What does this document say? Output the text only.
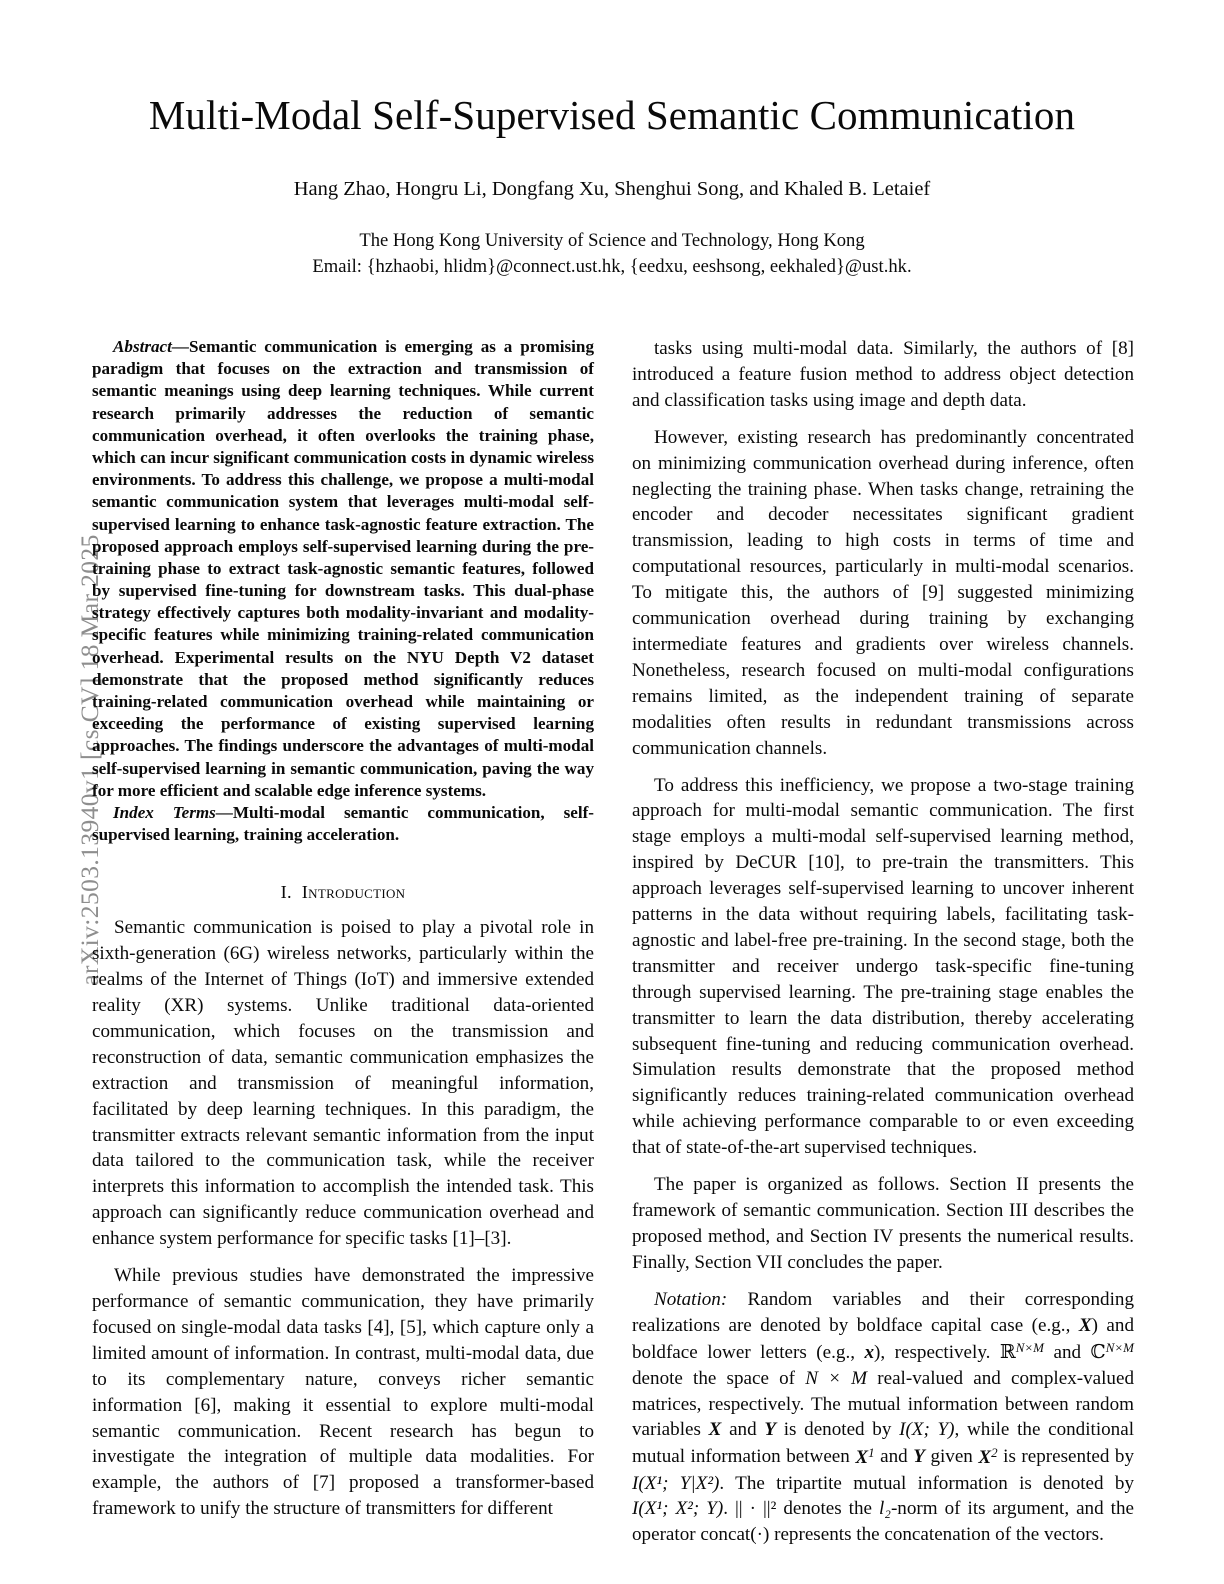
arXiv:2503.13940v1 [cs.CV] 18 Mar 2025
Multi-Modal Self-Supervised Semantic Communication
Hang Zhao, Hongru Li, Dongfang Xu, Shenghui Song, and Khaled B. Letaief
The Hong Kong University of Science and Technology, Hong Kong
Email: {hzhaobi, hlidm}@connect.ust.hk, {eedxu, eeshsong, eekhaled}@ust.hk.

Abstract—Semantic communication is emerging as a promising paradigm that focuses on the extraction and transmission of semantic meanings using deep learning techniques. While current research primarily addresses the reduction of semantic communication overhead, it often overlooks the training phase, which can incur significant communication costs in dynamic wireless environments. To address this challenge, we propose a multi-modal semantic communication system that leverages multi-modal self-supervised learning to enhance task-agnostic feature extraction. The proposed approach employs self-supervised learning during the pre-training phase to extract task-agnostic semantic features, followed by supervised fine-tuning for downstream tasks. This dual-phase strategy effectively captures both modality-invariant and modality-specific features while minimizing training-related communication overhead. Experimental results on the NYU Depth V2 dataset demonstrate that the proposed method significantly reduces training-related communication overhead while maintaining or exceeding the performance of existing supervised learning approaches. The findings underscore the advantages of multi-modal self-supervised learning in semantic communication, paving the way for more efficient and scalable edge inference systems.

Index Terms—Multi-modal semantic communication, self-supervised learning, training acceleration.

I. Introduction

Semantic communication is poised to play a pivotal role in sixth-generation (6G) wireless networks, particularly within the realms of the Internet of Things (IoT) and immersive extended reality (XR) systems. Unlike traditional data-oriented communication, which focuses on the transmission and reconstruction of data, semantic communication emphasizes the extraction and transmission of meaningful information, facilitated by deep learning techniques. In this paradigm, the transmitter extracts relevant semantic information from the input data tailored to the communication task, while the receiver interprets this information to accomplish the intended task. This approach can significantly reduce communication overhead and enhance system performance for specific tasks [1]–[3].

While previous studies have demonstrated the impressive performance of semantic communication, they have primarily focused on single-modal data tasks [4], [5], which capture only a limited amount of information. In contrast, multi-modal data, due to its complementary nature, conveys richer semantic information [6], making it essential to explore multi-modal semantic communication. Recent research has begun to investigate the integration of multiple data modalities. For example, the authors of [7] proposed a transformer-based framework to unify the structure of transmitters for different

tasks using multi-modal data. Similarly, the authors of [8] introduced a feature fusion method to address object detection and classification tasks using image and depth data.

However, existing research has predominantly concentrated on minimizing communication overhead during inference, often neglecting the training phase. When tasks change, retraining the encoder and decoder necessitates significant gradient transmission, leading to high costs in terms of time and computational resources, particularly in multi-modal scenarios. To mitigate this, the authors of [9] suggested minimizing communication overhead during training by exchanging intermediate features and gradients over wireless channels. Nonetheless, research focused on multi-modal configurations remains limited, as the independent training of separate modalities often results in redundant transmissions across communication channels.

To address this inefficiency, we propose a two-stage training approach for multi-modal semantic communication. The first stage employs a multi-modal self-supervised learning method, inspired by DeCUR [10], to pre-train the transmitters. This approach leverages self-supervised learning to uncover inherent patterns in the data without requiring labels, facilitating task-agnostic and label-free pre-training. In the second stage, both the transmitter and receiver undergo task-specific fine-tuning through supervised learning. The pre-training stage enables the transmitter to learn the data distribution, thereby accelerating subsequent fine-tuning and reducing communication overhead. Simulation results demonstrate that the proposed method significantly reduces training-related communication overhead while achieving performance comparable to or even exceeding that of state-of-the-art supervised techniques.

The paper is organized as follows. Section II presents the framework of semantic communication. Section III describes the proposed method, and Section IV presents the numerical results. Finally, Section VII concludes the paper.

Notation: Random variables and their corresponding realizations are denoted by boldface capital case (e.g., X) and boldface lower letters (e.g., x), respectively. ℝ$^{N\times M}$ and ℂ$^{N\times M}$ denote the space of N × M real-valued and complex-valued matrices, respectively. The mutual information between random variables X and Y is denoted by I(X; Y), while the conditional mutual information between $X^1$ and Y given $X^2$ is represented by I(X¹; Y|X²). The tripartite mutual information is denoted by I(X¹; X²; Y). || · ||² denotes the l₂-norm of its argument, and the operator concat(·) represents the concatenation of the vectors.
